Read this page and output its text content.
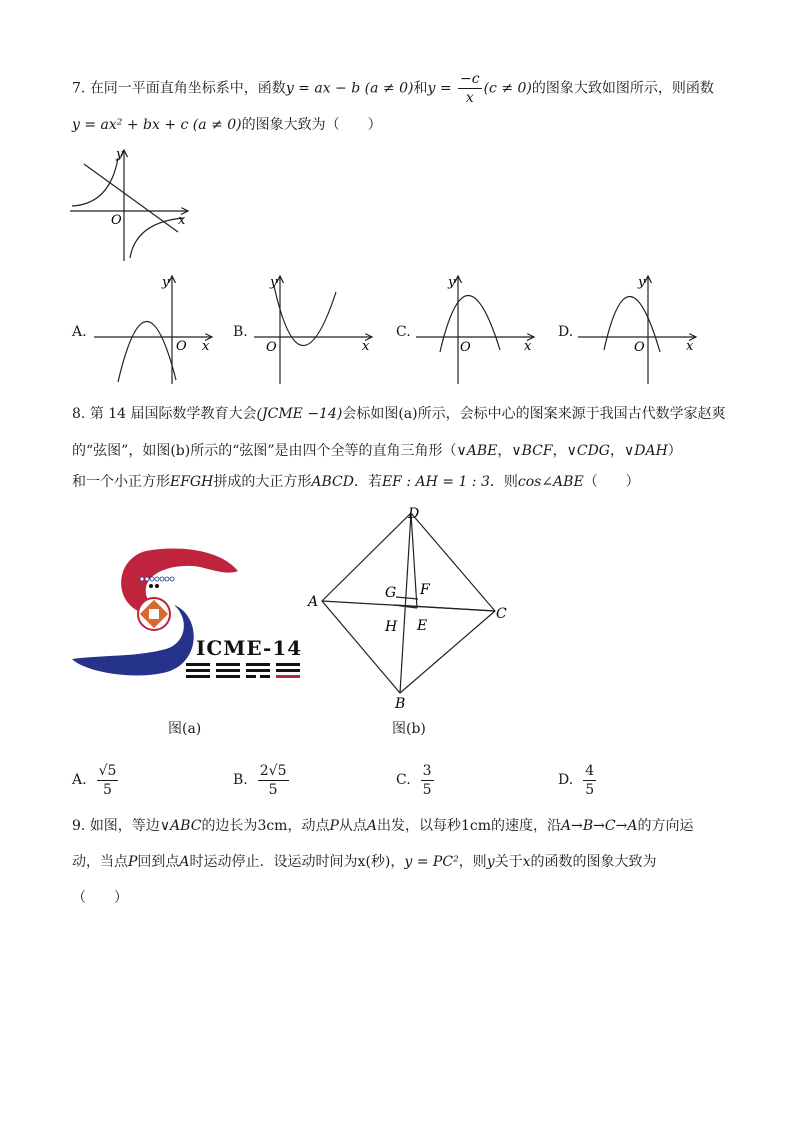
7. 在同一平面直角坐标系中，函数y = ax − b (a ≠ 0)和$y = \frac{-c}{x} (c \ne 0)$的图象大致如图所示，则函数
y = ax² + bx + c (a ≠ 0)的图象大致为（　　）
y
x
O
A.
y
x
O
B.
y
x
O
C.
y
x
O
D.
y
x
O
8. 第 14 届国际数学教育大会(JCME −14)会标如图(a)所示，会标中心的图案来源于我国古代数学家赵爽
的“弦图”，如图(b)所示的“弦图”是由四个全等的直角三角形（∨ABE，∨BCF，∨CDG，∨DAH）
和一个小正方形EFGH拼成的大正方形ABCD．若EF : AH = 1 : 3．则cos∠ABE（　　）
ICME-14
D
A
C
B
G F
H E
图(a)	图(b)
A. $\frac{√5}{5}$	B. $\frac{2√5}{5}$	C. $\frac{3}{5}$	D. $\frac{4}{5}$
9. 如图，等边∨ABC的边长为3cm，动点P从点A出发，以每秒1cm的速度，沿A→B→C→A的方向运
动，当点P回到点A时运动停止．设运动时间为x(秒)，y = PC²，则y关于x的函数的图象大致为
（　　）
